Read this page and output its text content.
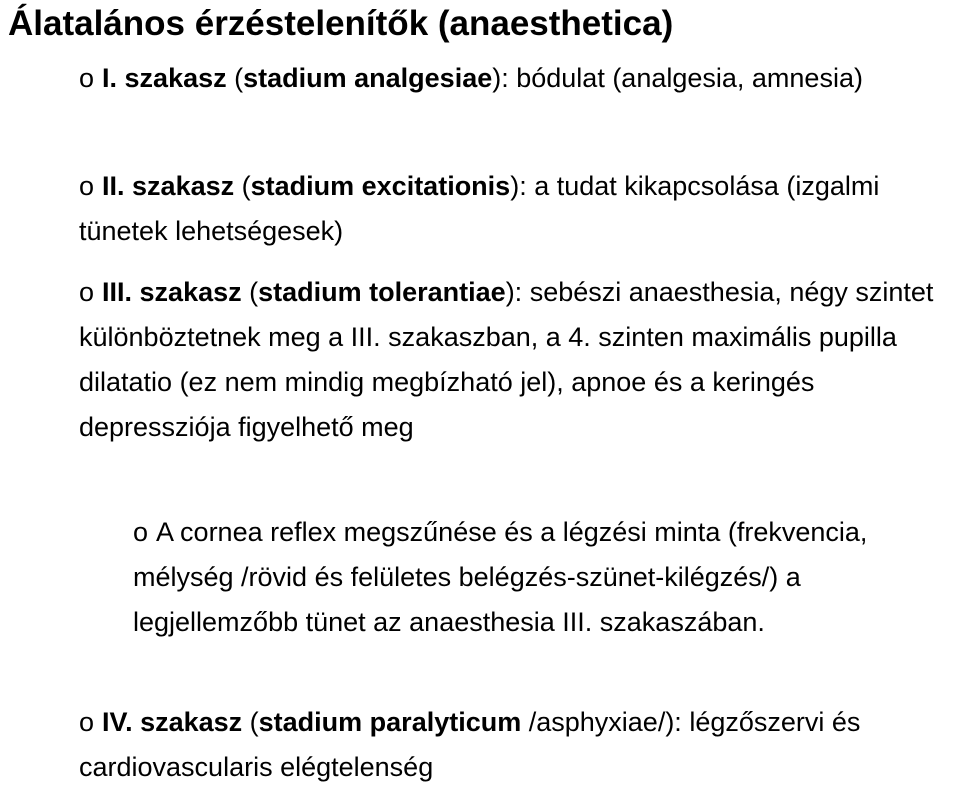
Álatalános érzéstelenítők (anaesthetica)

o I. szakasz (stadium analgesiae): bódulat (analgesia, amnesia)

o II. szakasz (stadium excitationis): a tudat kikapcsolása (izgalmi tünetek lehetségesek)

o III. szakasz (stadium tolerantiae): sebészi anaesthesia, négy szintet különböztetnek meg a III. szakaszban, a 4. szinten maximális pupilla dilatatio (ez nem mindig megbízható jel), apnoe és a keringés depressziója figyelhető meg

o A cornea reflex megszűnése és a légzési minta (frekvencia, mélység /rövid és felületes belégzés-szünet-kilégzés/) a legjellemzőbb tünet az anaesthesia III. szakaszában.

o IV. szakasz (stadium paralyticum /asphyxiae/): légzőszervi és cardiovascularis elégtelenség
